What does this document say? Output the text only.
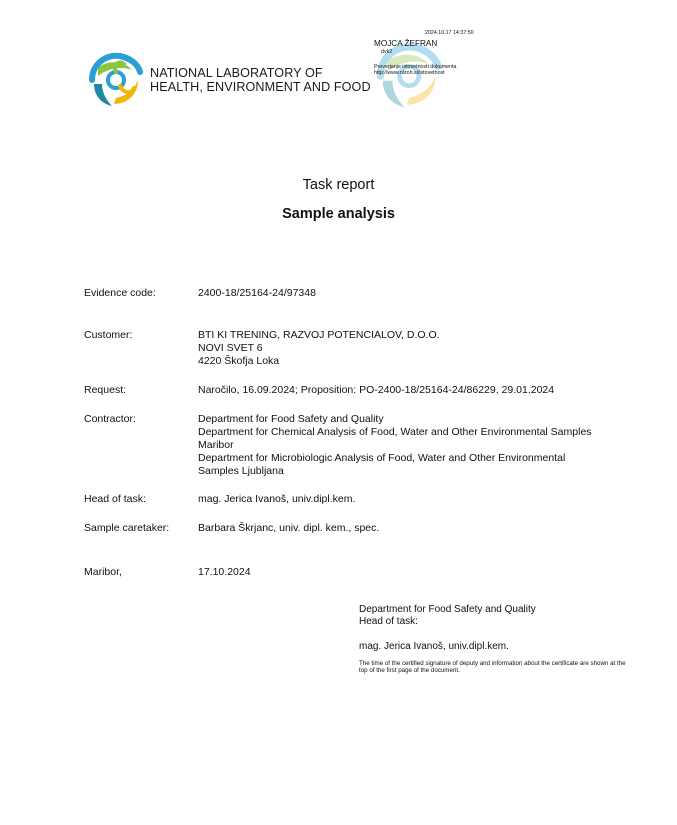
NATIONAL LABORATORY OF
HEALTH, ENVIRONMENT AND FOOD
2024.10.17 14:37:50
MOJCA ŽEFRAN
dvk2
Preverjanje istovetnosti dokumenta
http://www.nlzoh.si/istovetnost
Task report
Sample analysis
Evidence code:	2400-18/25164-24/97348
Customer:	BTI KI TRENING, RAZVOJ POTENCIALOV, D.O.O.
NOVI SVET 6
4220 Škofja Loka
Request:	Naročilo, 16.09.2024; Proposition: PO-2400-18/25164-24/86229, 29.01.2024
Contractor:	Department for Food Safety and Quality
Department for Chemical Analysis of Food, Water and Other Environmental Samples
Maribor
Department for Microbiologic Analysis of Food, Water and Other Environmental
Samples Ljubljana
Head of task:	mag. Jerica Ivanoš, univ.dipl.kem.
Sample caretaker:	Barbara Škrjanc, univ. dipl. kem., spec.
Maribor,	17.10.2024
Department for Food Safety and Quality
Head of task:
mag. Jerica Ivanoš, univ.dipl.kem.
The time of the certified signature of deputy and information about the certificate are shown at the top of the first page of the document.
